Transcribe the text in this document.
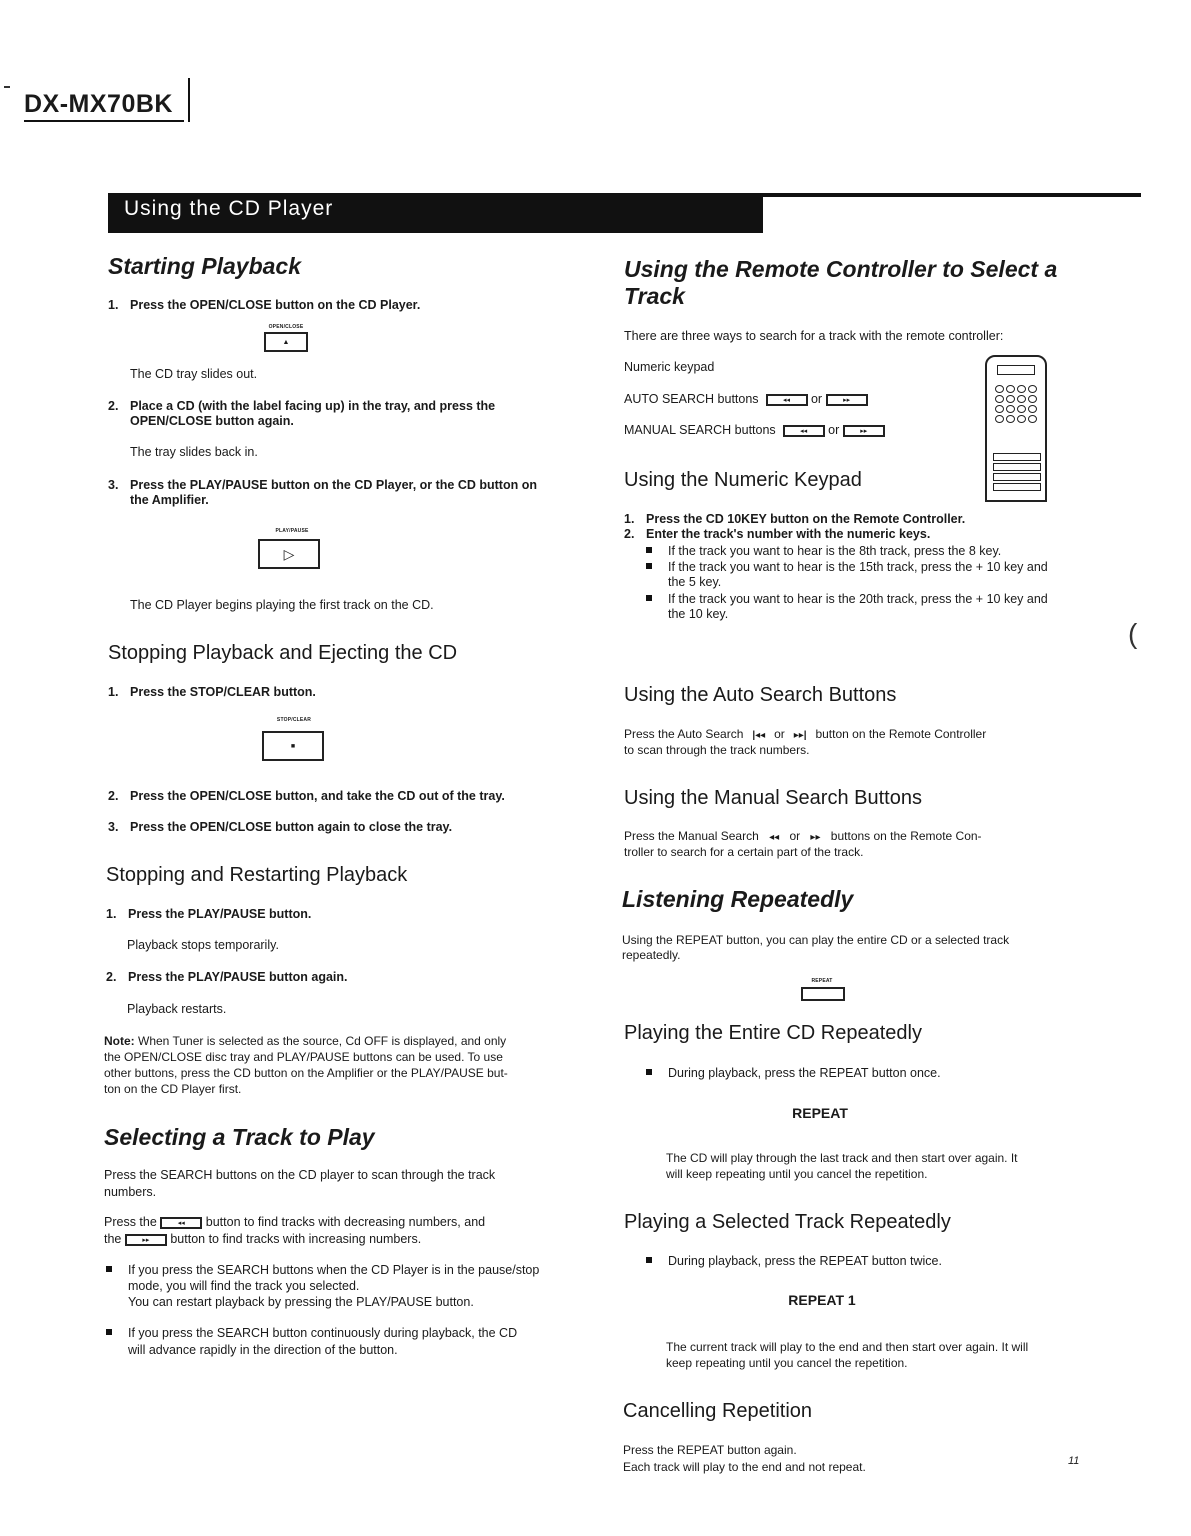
DX-MX70BK
Using the CD Player
Starting Playback
1. Press the OPEN/CLOSE button on the CD Player.
OPEN/CLOSE
▲
The CD tray slides out.
2. Place a CD (with the label facing up) in the tray, and press the
OPEN/CLOSE button again.
The tray slides back in.
3. Press the PLAY/PAUSE button on the CD Player, or the CD button on
the Amplifier.
PLAY/PAUSE
▷
The CD Player begins playing the first track on the CD.
Stopping Playback and Ejecting the CD
1. Press the STOP/CLEAR button.
STOP/CLEAR
■
2. Press the OPEN/CLOSE button, and take the CD out of the tray.
3. Press the OPEN/CLOSE button again to close the tray.
Stopping and Restarting Playback
1. Press the PLAY/PAUSE button.
Playback stops temporarily.
2. Press the PLAY/PAUSE button again.
Playback restarts.
Note: When Tuner is selected as the source, Cd OFF is displayed, and only
the OPEN/CLOSE disc tray and PLAY/PAUSE buttons can be used. To use
other buttons, press the CD button on the Amplifier or the PLAY/PAUSE but-
ton on the CD Player first.
Selecting a Track to Play
Press the SEARCH buttons on the CD player to scan through the track
numbers.
Press the	◂◂ button to find tracks with decreasing numbers, and
the	▸▸ button to find tracks with increasing numbers.
If you press the SEARCH buttons when the CD Player is in the pause/stop
mode, you will find the track you selected.
You can restart playback by pressing the PLAY/PAUSE button.
If you press the SEARCH button continuously during playback, the CD
will advance rapidly in the direction of the button.
Using the Remote Controller to Select a
Track
There are three ways to search for a track with the remote controller:
Numeric keypad
AUTO SEARCH buttons	◂◂ or	▸▸
MANUAL SEARCH buttons	◂◂ or	▸▸
Using the Numeric Keypad
1. Press the CD 10KEY button on the Remote Controller.
2. Enter the track's number with the numeric keys.
If the track you want to hear is the 8th track, press the 8 key.
If the track you want to hear is the 15th track, press the + 10 key and
the 5 key.
If the track you want to hear is the 20th track, press the + 10 key and
the 10 key.
Using the Auto Search Buttons
Press the Auto Search |◂◂ or ▸▸| button on the Remote Controller
to scan through the track numbers.
Using the Manual Search Buttons
Press the Manual Search ◂◂ or ▸▸ buttons on the Remote Con-
troller to search for a certain part of the track.
Listening Repeatedly
Using the REPEAT button, you can play the entire CD or a selected track
repeatedly.
REPEAT
Playing the Entire CD Repeatedly
During playback, press the REPEAT button once.
REPEAT
The CD will play through the last track and then start over again. It
will keep repeating until you cancel the repetition.
Playing a Selected Track Repeatedly
During playback, press the REPEAT button twice.
REPEAT 1
The current track will play to the end and then start over again. It will
keep repeating until you cancel the repetition.
Cancelling Repetition
Press the REPEAT button again.
Each track will play to the end and not repeat.	11
(
